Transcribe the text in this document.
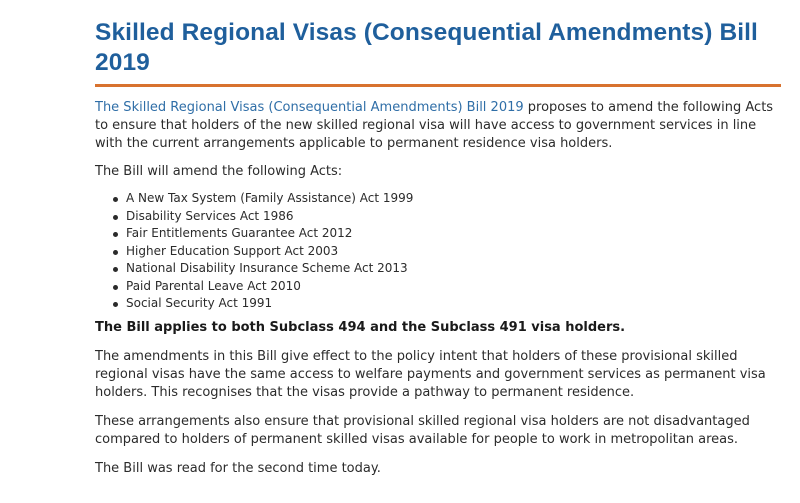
Skilled Regional Visas (Consequential Amendments) Bill 2019

The Skilled Regional Visas (Consequential Amendments) Bill 2019 proposes to amend the following Acts to ensure that holders of the new skilled regional visa will have access to government services in line with the current arrangements applicable to permanent residence visa holders.

The Bill will amend the following Acts:

A New Tax System (Family Assistance) Act 1999
Disability Services Act 1986
Fair Entitlements Guarantee Act 2012
Higher Education Support Act 2003
National Disability Insurance Scheme Act 2013
Paid Parental Leave Act 2010
Social Security Act 1991

The Bill applies to both Subclass 494 and the Subclass 491 visa holders.

The amendments in this Bill give effect to the policy intent that holders of these provisional skilled regional visas have the same access to welfare payments and government services as permanent visa holders. This recognises that the visas provide a pathway to permanent residence.

These arrangements also ensure that provisional skilled regional visa holders are not disadvantaged compared to holders of permanent skilled visas available for people to work in metropolitan areas.

The Bill was read for the second time today.
